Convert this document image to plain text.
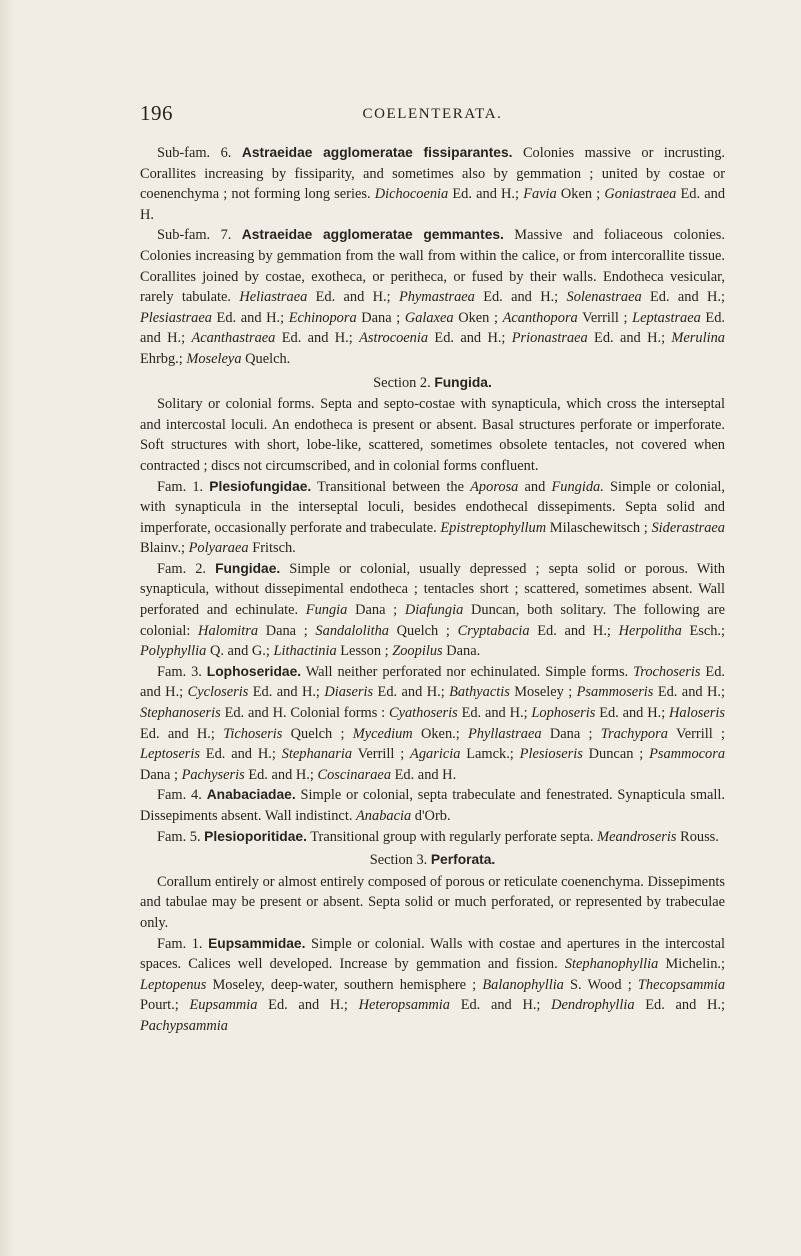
196	COELENTERATA.

Sub-fam. 6. Astraeidae agglomeratae fissiparantes. Colonies massive or incrusting. Corallites increasing by fissiparity, and sometimes also by gemmation ; united by costae or coenenchyma ; not forming long series. Dichocoenia Ed. and H.; Favia Oken ; Goniastraea Ed. and H.

Sub-fam. 7. Astraeidae agglomeratae gemmantes. Massive and foliaceous colonies. Colonies increasing by gemmation from the wall from within the calice, or from intercorallite tissue. Corallites joined by costae, exotheca, or peritheca, or fused by their walls. Endotheca vesicular, rarely tabulate. Heliastraea Ed. and H.; Phymastraea Ed. and H.; Solenastraea Ed. and H.; Plesiastraea Ed. and H.; Echinopora Dana ; Galaxea Oken ; Acanthopora Verrill ; Leptastraea Ed. and H.; Acanthastraea Ed. and H.; Astrocoenia Ed. and H.; Prionastraea Ed. and H.; Merulina Ehrbg.; Moseleya Quelch.

Section 2. Fungida.

Solitary or colonial forms. Septa and septo-costae with synapticula, which cross the interseptal and intercostal loculi. An endotheca is present or absent. Basal structures perforate or imperforate. Soft structures with short, lobe-like, scattered, sometimes obsolete tentacles, not covered when contracted ; discs not circumscribed, and in colonial forms confluent.

Fam. 1. Plesiofungidae. Transitional between the Aporosa and Fungida. Simple or colonial, with synapticula in the interseptal loculi, besides endothecal dissepiments. Septa solid and imperforate, occasionally perforate and trabeculate. Epistreptophyllum Milaschewitsch ; Siderastraea Blainv.; Polyaraea Fritsch.

Fam. 2. Fungidae. Simple or colonial, usually depressed ; septa solid or porous. With synapticula, without dissepimental endotheca ; tentacles short ; scattered, sometimes absent. Wall perforated and echinulate. Fungia Dana ; Diafungia Duncan, both solitary. The following are colonial: Halomitra Dana ; Sandalolitha Quelch ; Cryptabacia Ed. and H.; Herpolitha Esch.; Polyphyllia Q. and G.; Lithactinia Lesson ; Zoopilus Dana.

Fam. 3. Lophoseridae. Wall neither perforated nor echinulated. Simple forms. Trochoseris Ed. and H.; Cycloseris Ed. and H.; Diaseris Ed. and H.; Bathyactis Moseley ; Psammoseris Ed. and H.; Stephanoseris Ed. and H. Colonial forms : Cyathoseris Ed. and H.; Lophoseris Ed. and H.; Haloseris Ed. and H.; Tichoseris Quelch ; Mycedium Oken.; Phyllastraea Dana ; Trachypora Verrill ; Leptoseris Ed. and H.; Stephanaria Verrill ; Agaricia Lamck.; Plesioseris Duncan ; Psammocora Dana ; Pachyseris Ed. and H.; Coscinaraea Ed. and H.

Fam. 4. Anabaciadae. Simple or colonial, septa trabeculate and fenestrated. Synapticula small. Dissepiments absent. Wall indistinct. Anabacia d'Orb.

Fam. 5. Plesioporitidae. Transitional group with regularly perforate septa. Meandroseris Rouss.

Section 3. Perforata.

Corallum entirely or almost entirely composed of porous or reticulate coenenchyma. Dissepiments and tabulae may be present or absent. Septa solid or much perforated, or represented by trabeculae only.

Fam. 1. Eupsammidae. Simple or colonial. Walls with costae and apertures in the intercostal spaces. Calices well developed. Increase by gemmation and fission. Stephanophyllia Michelin.; Leptopenus Moseley, deep-water, southern hemisphere ; Balanophyllia S. Wood ; Thecopsammia Pourt.; Eupsammia Ed. and H.; Heteropsammia Ed. and H.; Dendrophyllia Ed. and H.; Pachypsammia
